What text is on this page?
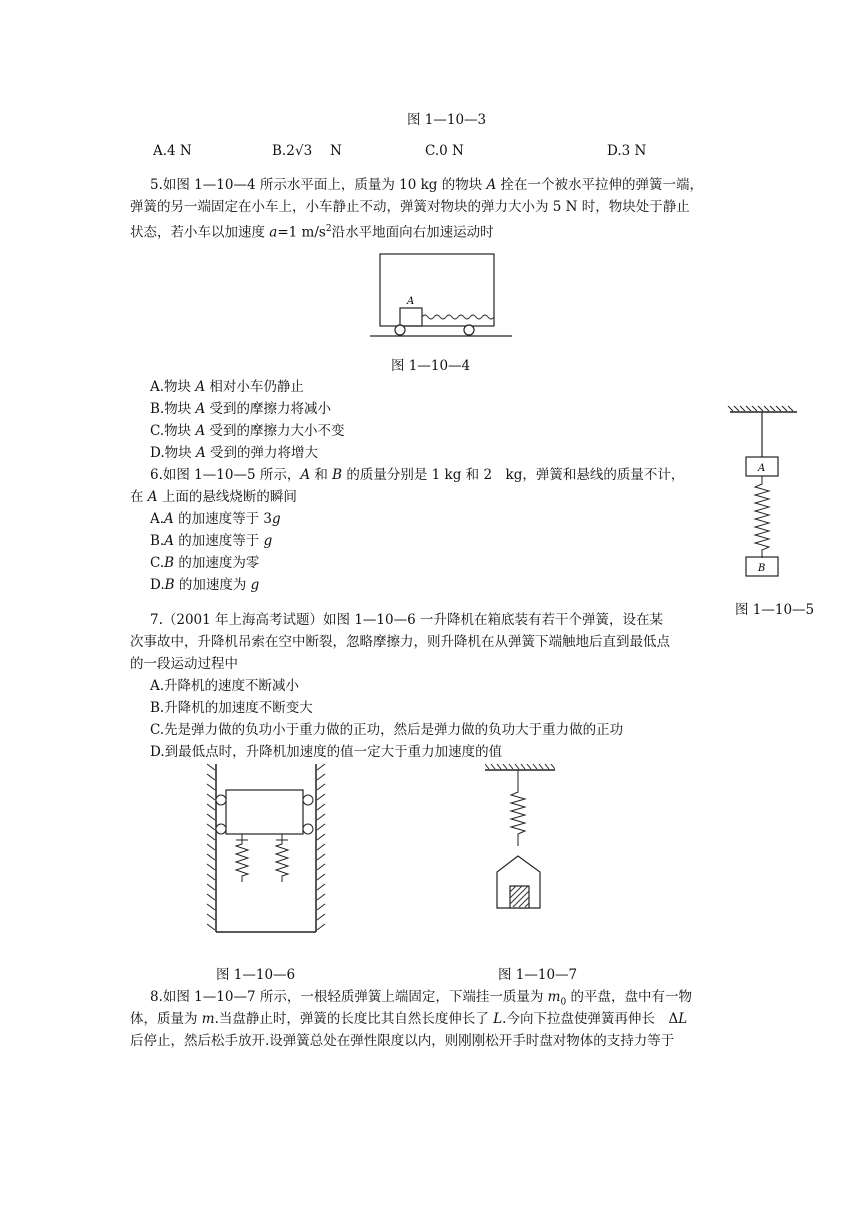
图 1—10—3
A.4 N	B.2 √3 N	C.0 N	D.3 N
5.如图 1—10—4 所示水平面上，质量为 10 kg 的物块 A 拴在一个被水平拉伸的弹簧一端，
弹簧的另一端固定在小车上，小车静止不动，弹簧对物块的弹力大小为 5 N 时，物块处于静止
状态，若小车以加速度 a=1 $m/s^2$沿水平地面向右加速运动时
A
图 1—10—4
A.物块 A 相对小车仍静止
B.物块 A 受到的摩擦力将减小
C.物块 A 受到的摩擦力大小不变
D.物块 A 受到的弹力将增大
6.如图 1—10—5 所示，A 和 B 的质量分别是 1 kg 和 2　kg，弹簧和悬线的质量不计，
在 A 上面的悬线烧断的瞬间
A.A 的加速度等于 3g
B.A 的加速度等于 g
C.B 的加速度为零
D.B 的加速度为 g
A
B
图 1—10—5
7.（2001 年上海高考试题）如图 1—10—6 一升降机在箱底装有若干个弹簧，设在某
次事故中，升降机吊索在空中断裂，忽略摩擦力，则升降机在从弹簧下端触地后直到最低点
的一段运动过程中
A.升降机的速度不断减小
B.升降机的加速度不断变大
C.先是弹力做的负功小于重力做的正功，然后是弹力做的负功大于重力做的正功
D.到最低点时，升降机加速度的值一定大于重力加速度的值
图 1—10—6	图 1—10—7
8.如图 1—10—7 所示，一根轻质弹簧上端固定，下端挂一质量为 $m_0$ 的平盘，盘中有一物
体，质量为 m.当盘静止时，弹簧的长度比其自然长度伸长了 L.今向下拉盘使弹簧再伸长　ΔL
后停止，然后松手放开.设弹簧总处在弹性限度以内，则刚刚松开手时盘对物体的支持力等于
